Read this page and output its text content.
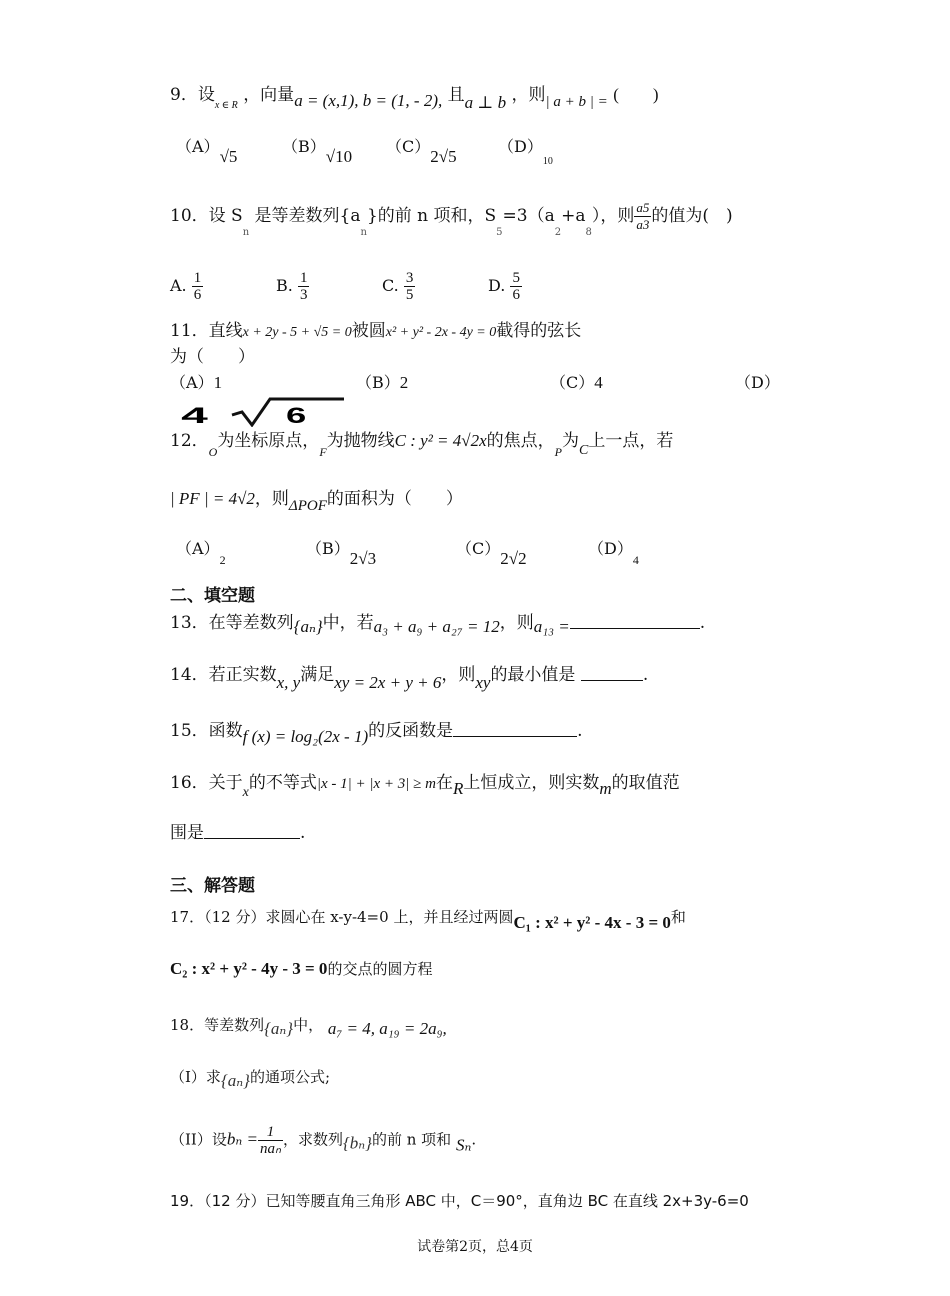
9．设$_{x \in R}$ ，向量a = (x,1), b = (1, - 2), 且a ⊥ b ，则| a + b | = (　　)
（A）√5
（B）√10
（C）2√5
$(D)_{10}$
10．设 $S_n$ 是等差数列$\{a_n\}$的前 n 项和，$S_5=3(a_2+a_8)$，则 $\frac{a5}{a3}$ 的值为(　)
A. $\frac{1}{6}$	B. $\frac{1}{3}$	C. $\frac{3}{5}$	D. $\frac{5}{6}$
11．直线x + 2y - 5 + √5 = 0被圆x² + y² - 2x - 4y = 0截得的弦长
为（　　）
（A）1	（B）2	（C）4	（D）
4	6
12．$_O$为坐标原点，$_F$为抛物线C : y² = 4√2x的焦点，$_P$为$_C$上一点，若
| PF | = 4√2，则ΔPOF的面积为（　　）
$(A)_2$
（B）2√3
（C）2√2
$(D)_4$
二、填空题
13．在等差数列{aₙ}中，若a₃ + a₉ + a₂₇ = 12，则a₁₃ =	.
14．若正实数x, y满足xy = 2x + y + 6，则xy的最小值是	.
15．函数f (x) = log₂(2x - 1)的反函数是	.
16．关于$_x$的不等式|x - 1| + |x + 3| ≥ m在R上恒成立，则实数m的取值范
围是	.
三、解答题
17．（12 分）求圆心在 x-y-4=0 上，并且经过两圆C₁ : x² + y² - 4x - 3 = 0和
C₂ : x² + y² - 4y - 3 = 0的交点的圆方程
18．等差数列{aₙ}中， a₇ = 4, a₁₉ = 2a₉,
（I）求{aₙ}的通项公式;
（II）设$b_n = \frac{1}{\text{naₙ}}$ ，求数列{bₙ}的前 n 项和 Sₙ.
19．（12 分）已知等腰直角三角形 ABC 中，C＝90°，直角边 BC 在直线 2x+3y-6=0
试卷第2页，总4页
